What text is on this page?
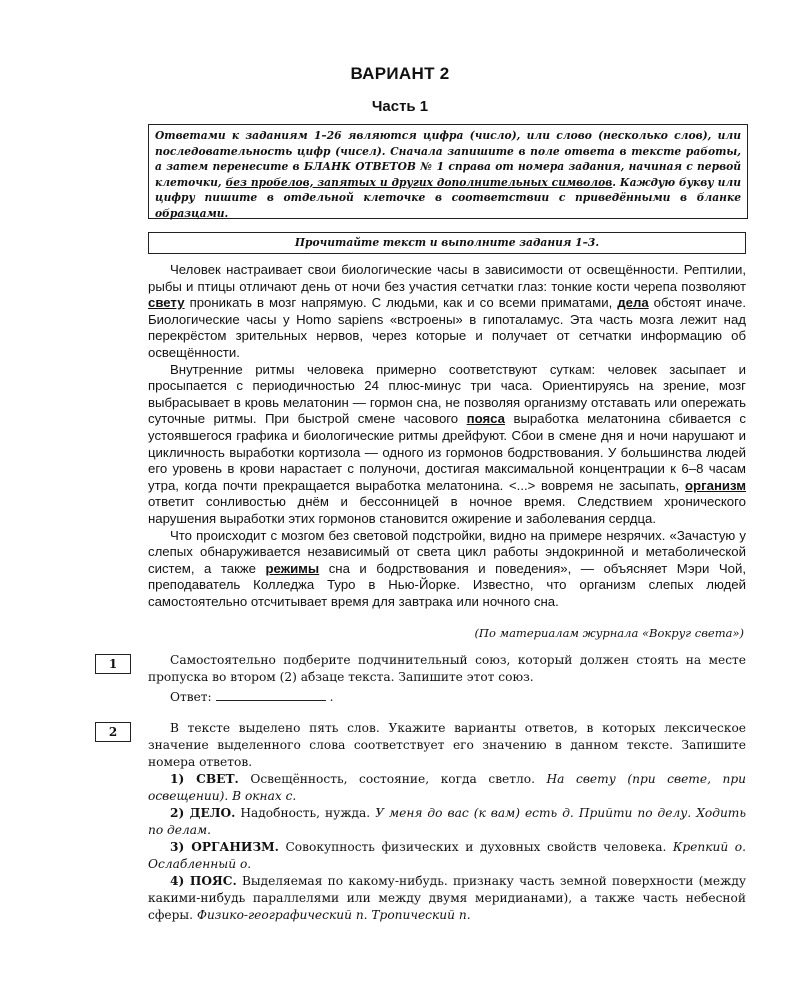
ВАРИАНТ 2
Часть 1
Ответами к заданиям 1–26 являются цифра (число), или слово (несколько слов), или последовательность цифр (чисел). Сначала запишите в поле ответа в тексте работы, а затем перенесите в БЛАНК ОТВЕТОВ № 1 справа от номера задания, начиная с первой клеточки, без пробелов, запятых и других дополнительных символов. Каждую букву или цифру пишите в отдельной клеточке в соответствии с приведёнными в бланке образцами.
Прочитайте текст и выполните задания 1–3.

Человек настраивает свои биологические часы в зависимости от освещённости. Рептилии, рыбы и птицы отличают день от ночи без участия сетчатки глаз: тонкие кости черепа позволяют свету проникать в мозг напрямую. С людьми, как и со всеми приматами, дела обстоят иначе. Биологические часы у Homo sapiens «встроены» в гипоталамус. Эта часть мозга лежит над перекрёстом зрительных нервов, через которые и получает от сетчатки информацию об освещённости.

Внутренние ритмы человека примерно соответствуют суткам: человек засыпает и просыпается с периодичностью 24 плюс-минус три часа. Ориентируясь на зрение, мозг выбрасывает в кровь мелатонин — гормон сна, не позволяя организму отставать или опережать суточные ритмы. При быстрой смене часового пояса выработка мелатонина сбивается с устоявшегося графика и биологические ритмы дрейфуют. Сбои в смене дня и ночи нарушают и цикличность выработки кортизола — одного из гормонов бодрствования. У большинства людей его уровень в крови нарастает с полуночи, достигая максимальной концентрации к 6–8 часам утра, когда почти прекращается выработка мелатонина. <...> вовремя не засыпать, организм ответит сонливостью днём и бессонницей в ночное время. Следствием хронического нарушения выработки этих гормонов становится ожирение и заболевания сердца.

Что происходит с мозгом без световой подстройки, видно на примере незрячих. «Зачастую у слепых обнаруживается независимый от света цикл работы эндокринной и метаболической систем, а также режимы сна и бодрствования и поведения», — объясняет Мэри Чой, преподаватель Колледжа Туро в Нью-Йорке. Известно, что организм слепых людей самостоятельно отсчитывает время для завтрака или ночного сна.

(По материалам журнала «Вокруг света»)
1	Самостоятельно подберите подчинительный союз, который должен стоять на месте пропуска во втором (2) абзаце текста. Запишите этот союз.

Ответ:	.
2	В тексте выделено пять слов. Укажите варианты ответов, в которых лексическое значение выделенного слова соответствует его значению в данном тексте. Запишите номера ответов.

1) СВЕТ. Освещённость, состояние, когда светло. На свету (при свете, при освещении). В окнах с.

2) ДЕЛО. Надобность, нужда. У меня до вас (к вам) есть д. Прийти по делу. Ходить по делам.

3) ОРГАНИЗМ. Совокупность физических и духовных свойств человека. Крепкий о. Ослабленный о.

4) ПОЯС. Выделяемая по какому-нибудь. признаку часть земной поверхности (между какими-нибудь параллелями или между двумя меридианами), а также часть небесной сферы. Физико-географический п. Тропический п.
